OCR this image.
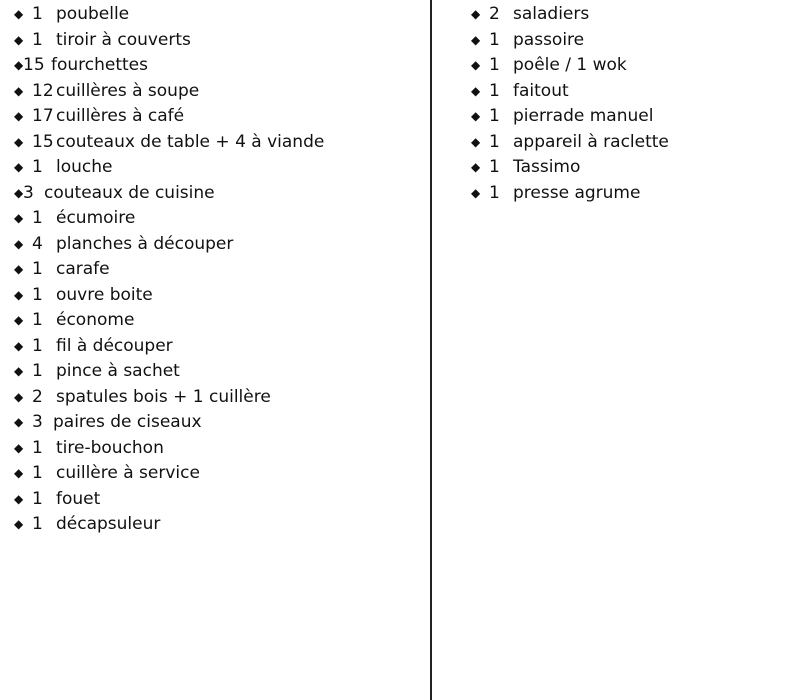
◆ 1 poubelle
◆ 1 tiroir à couverts
◆ 15 fourchettes
◆ 12 cuillères à soupe
◆ 17 cuillères à café
◆ 15 couteaux de table + 4 à viande
◆ 1 louche
◆ 3 couteaux de cuisine
◆ 1 écumoire
◆ 4 planches à découper
◆ 1 carafe
◆ 1 ouvre boite
◆ 1 économe
◆ 1 fil à découper
◆ 1 pince à sachet
◆ 2 spatules bois + 1 cuillère
◆ 3 paires de ciseaux
◆ 1 tire-bouchon
◆ 1 cuillère à service
◆ 1 fouet
◆ 1 décapsuleur
◆ 2 saladiers
◆ 1 passoire
◆ 1 poêle / 1 wok
◆ 1 faitout
◆ 1 pierrade manuel
◆ 1 appareil à raclette
◆ 1 Tassimo
◆ 1 presse agrume
